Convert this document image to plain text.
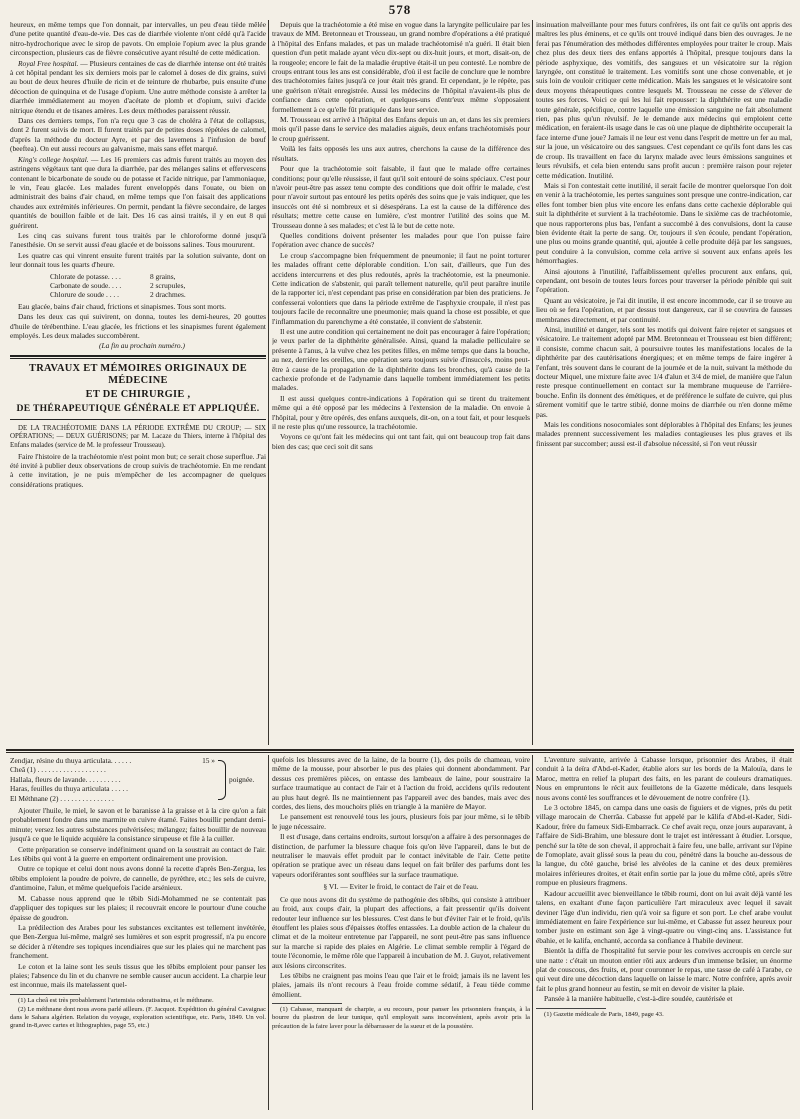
578

heureux, en même temps que l'on donnait, par intervalles, un peu d'eau tiède mêlée d'une petite quantité d'eau-de-vie. Des cas de diarrhée violente n'ont cédé qu'à l'acide nitro-hydrochorique avec le sirop de pavots. On emploie l'opium avec la plus grande circonspection, plusieurs cas de fièvre consécutive ayant résulté de cette médication.

Royal Free hospital. — Plusieurs centaines de cas de diarrhée intense ont été traités à cet hôpital pendant les six derniers mois par le calomel à doses de dix grains, suivi au bout de deux heures d'huile de ricin et de teinture de rhubarbe, puis ensuite d'une décoction de quinquina et de l'usage d'opium. Une autre méthode consiste à arrêter la diarrhée immédiatement au moyen d'acétate de plomb et d'opium, suivi d'acide nitrique étendu et de tisanes amères. Les deux méthodes paraissent réussir.

Dans ces derniers temps, l'on n'a reçu que 3 cas de choléra à l'état de collapsus, dont 2 furent suivis de mort. Il furent traités par de petites doses répétées de calomel, d'après la méthode du docteur Ayre, et par des lavemens à l'infusion de bœuf (beeftea). On eut aussi recours au galvanisme, mais sans effet marqué.

King's college hospital. — Les 16 premiers cas admis furent traités au moyen des astringens végétaux tant que dura la diarrhée, par des mélanges salins et effervescens contenant le bicarbonate de soude ou de potasse et l'acide nitrique, par l'ammoniaque, le vin, l'eau glacée. Les malades furent enveloppés dans l'ouate, ou bien on administrait des bains d'air chaud, en même temps que l'on faisait des applications chaudes aux extrémités inférieures. On permit, pendant la fièvre secondaire, de larges quantités de bouillon faible et de lait. Des 16 cas ainsi traités, il y en eut 8 qui guérirent.

Les cinq cas suivans furent tous traités par le chloroforme donné jusqu'à l'anesthésie. On se servit aussi d'eau glacée et de boissons salines. Tous moururent.

Les quatre cas qui vinrent ensuite furent traités par la solution suivante, dont on leur donnait tous les quarts d'heure.

Chlorate de potasse. . . .	8 grains,
Carbonate de soude. . . .	2 scrupules,
Chlorure de soude . . . .	2 drachmes.

Eau glacée, bains d'air chaud, frictions et sinapismes. Tous sont morts.

Dans les deux cas qui suivirent, on donna, toutes les demi-heures, 20 gouttes d'huile de térébenthine. L'eau glacée, les frictions et les sinapismes furent également employés. Les deux malades succombèrent.

(La fin au prochain numéro.)

TRAVAUX ET MÉMOIRES ORIGINAUX DE MÉDECINE
ET DE CHIRURGIE ,
DE THÉRAPEUTIQUE GÉNÉRALE ET APPLIQUÉE.

DE LA TRACHÉOTOMIE DANS LA PÉRIODE EXTRÊME DU CROUP; — SIX OPÉRATIONS; — DEUX GUÉRISONS; par M. Lacaze du Thiers, interne à l'hôpital des Enfans malades (service de M. le professeur Trousseau).

Faire l'histoire de la trachéotomie n'est point mon but; ce serait chose superflue. J'ai été invité à publier deux observations de croup suivis de trachéotomie. En me rendant à cette invitation, je ne puis m'empêcher de les accompagner de quelques considérations pratiques.

Depuis que la trachéotomie a été mise en vogue dans la laryngite pelliculaire par les travaux de MM. Bretonneau et Trousseau, un grand nombre d'opérations a été pratiqué à l'hôpital des Enfans malades, et pas un malade trachéotomisé n'a guéri. Il était bien question d'un petit malade ayant vécu dix-sept ou dix-huit jours, et mort, disait-on, de la rougeole; encore le fait de la maladie éruptive était-il un peu contesté. Le nombre de croups entrant tous les ans est considérable, d'où il est facile de conclure que le nombre des trachéotomies faites jusqu'à ce jour était très grand. Et cependant, je le répète, pas une guérison n'était enregistrée. Aussi les médecins de l'hôpital n'avaient-ils plus de confiance dans cette opération, et quelques-uns d'entr'eux même s'opposaient formellement à ce qu'elle fût pratiquée dans leur service.

M. Trousseau est arrivé à l'hôpital des Enfans depuis un an, et dans les six premiers mois qu'il passe dans le service des maladies aiguës, deux enfans trachéotomisés pour le croup guérissent.

Voilà les faits opposés les uns aux autres, cherchons la cause de la différence des résultats.

Pour que la trachéotomie soit faisable, il faut que le malade offre certaines conditions; pour qu'elle réussisse, il faut qu'il soit entouré de soins spéciaux. C'est pour n'avoir peut-être pas assez tenu compte des conditions que doit offrir le malade, c'est pour n'avoir surtout pas entouré les petits opérés des soins que je vais indiquer, que les insuccès ont été si nombreux et si désespérans. La est la cause de la différence des résultats; mettre cette cause en lumière, c'est montrer l'utilité des soins que M. Trousseau donne à ses malades; et c'est là le but de cette note.

Quelles conditions doivent présenter les malades pour que l'on puisse faire l'opération avec chance de succès?

Le croup s'accompagne bien fréquemment de pneumonie; il faut ne point torturer les malades offrant cette déplorable condition. L'on sait, d'ailleurs, que l'un des accidens intercurrens et des plus redoutés, après la trachéotomie, est la pneumonie. Cette indication de s'abstenir, qui paraît tellement naturelle, qu'il peut paraître inutile de la rapporter ici, n'est cependant pas prise en considération par bien des praticiens. Je confesserai volontiers que dans la période extrême de l'asphyxie croupale, il n'est pas toujours facile de reconnaître une pneumonie; mais quand la chose est possible, et que l'inflammation du parenchyme a été constatée, il convient de s'abstenir.

Il est une autre condition qui certainement ne doit pas encourager à faire l'opération; je veux parler de la diphthérite généralisée. Ainsi, quand la maladie pelliculaire se présente à l'anus, à la vulve chez les petites filles, en même temps que dans la bouche, au nez, derrière les oreilles, une opération sera toujours suivie d'insuccès, moins peut-être à cause de la propagation de la diphthérite dans les bronches, qu'à cause de la cachexie profonde et de l'adynamie dans laquelle tombent immédiatement les petits malades.

Il est aussi quelques contre-indications à l'opération qui se tirent du traitement même qui a été opposé par les médecins à l'extension de la maladie. On envoie à l'hôpital, pour y être opérés, des enfans auxquels, dit-on, on a tout fait, et pour lesquels il ne reste plus qu'une ressource, la trachéotomie.

Voyons ce qu'ont fait les médecins qui ont tant fait, qui ont beaucoup trop fait dans bien des cas; que ceci soit dit sans

insinuation malveillante pour mes futurs confrères, ils ont fait ce qu'ils ont appris des maîtres les plus éminens, et ce qu'ils ont trouvé indiqué dans bien des ouvrages. Je ne ferai pas l'énumération des méthodes différentes employées pour traiter le croup. Mais chez plus des deux tiers des enfans apportés à l'hôpital, presque toujours dans la période asphyxique, des vomitifs, des sangsues et un vésicatoire sur la région laryngée, ont constitué le traitement. Les vomitifs sont une chose convenable, et je suis loin de vouloir critiquer cette médication. Mais les sangsues et le vésicatoire sont deux moyens thérapeutiques contre lesquels M. Trousseau ne cesse de s'élever de toutes ses forces. Voici ce qui les lui fait repousser: la diphthérite est une maladie toute générale, spécifique, contre laquelle une émission sanguine ne fait absolument rien, pas plus qu'un révulsif. Je le demande aux médecins qui emploient cette médication, en feraient-ils usage dans le cas où une plaque de diphthérite occuperait la face interne d'une joue? Jamais il ne leur est venu dans l'esprit de mettre un fer au mal, sur la joue, un vésicatoire ou des sangsues. C'est cependant ce qu'ils font dans les cas de croup. Ils travaillent en face du larynx malade avec leurs émissions sanguines et leurs révulsifs, et cela bien entendu sans profit aucun : première raison pour rejeter cette médication. Inutilité.

Mais si l'on contestait cette inutilité, il serait facile de montrer quelorsque l'on doit en venir à la trachéotomie, les pertes sanguines sont presque une contre-indication, car elles font tomber bien plus vite encore les enfans dans cette cachexie déplorable qui suit la diphthérite et survient à la trachéotomie. Dans le sixième cas de trachéotomie, que nous rapporterons plus bas, l'enfant a succombé à des convulsions, dont la cause bien évidente était la perte de sang. Or, toujours il s'en écoule, pendant l'opération, une plus ou moins grande quantité, qui, ajoutée à celle produite déjà par les sangsues, peut conduire à la convulsion, comme cela arrive si souvent aux enfans après les hémorrhagies.

Ainsi ajoutons à l'inutilité, l'affaiblissement qu'elles procurent aux enfans, qui, cependant, ont besoin de toutes leurs forces pour traverser la période pénible qui suit l'opération.

Quant au vésicatoire, je l'ai dit inutile, il est encore incommode, car il se trouve au lieu où se fera l'opération, et par dessus tout dangereux, car il se couvrira de fausses membranes directement, et par continuité.

Ainsi, inutilité et danger, tels sont les motifs qui doivent faire rejeter et sangsues et vésicatoire. Le traitement adopté par MM. Bretonneau et Trousseau est bien différent; il consiste, comme chacun sait, à poursuivre toutes les manifestations locales de la diphthérite par des cautérisations énergiques; et en même temps de faire ingérer à l'enfant, très souvent dans le courant de la journée et de la nuit, suivant la méthode du docteur Miquel, une mixture faite avec 1/4 d'alun et 3/4 de miel, de manière que l'alun reste presque continuellement en contact sur la membrane muqueuse de l'arrière-bouche. Enfin ils donnent des émétiques, et de préférence le sulfate de cuivre, qui plus sûrement vomitif que le tartre stibié, donne moins de diarrhée ou n'en donne même pas.

Mais les conditions nosocomiales sont déplorables à l'hôpital des Enfans; les jeunes malades prennent successivement les maladies contagieuses les plus graves et ils finissent par succomber; aussi est-il d'absolue nécessité, si l'on veut réussir

Zendjar, résine du thuya articulata. . . . . .	15 »
Cheâ (1) . . . . . . . . . . . . . . . . . . .
Hallala, fleurs de lavande. . . . . . . . . .
Haras, feuilles du thuya articulata . . . . .
El Méthnane (2) . . . . . . . . . . . . . . .
poignée.

Ajouter l'huile, le miel, le savon et le baranisse à la graisse et à la cire qu'on a fait probablement fondre dans une marmite en cuivre étamé. Faites bouillir pendant demi-minute; versez les autres substances pulvérisées; mélangez; faites bouillir de nouveau jusqu'à ce que le liquide acquière la consistance sirupeuse et file à la cuiller.

Cette préparation se conserve indéfiniment quand on la soustrait au contact de l'air. Les têbibs qui vont à la guerre en emportent ordinairement une provision.

Outre ce topique et celui dont nous avons donné la recette d'après Ben-Zergua, les têbibs emploient la poudre de poivre, de cannelle, de pyrèthre, etc.; les sels de cuivre, d'antimoine, l'alun, et même quelquefois l'acide arsénieux.

M. Cabasse nous apprend que le têbib Sidi-Mohammed ne se contentait pas d'appliquer des topiques sur les plaies; il recouvrait encore le pourtour d'une couche épaisse de goudron.

La prédilection des Arabes pour les substances excitantes est tellement invétérée, que Ben-Zergua lui-même, malgré ses lumières et son esprit progressif, n'a pu encore se décider à n'étendre ses topiques incendiaires que sur les plaies qui ne marchent pas franchement.

Le coton et la laine sont les seuls tissus que les têbibs emploient pour panser les plaies; l'absence du lin et du chanvre ne semble causer aucun accident. La charpie leur est inconnue, mais ils matelassent quel-

(1) La cheâ est très probablement l'artemisia odoratissima, et le méthnane.

(2) Le méthnane dont nous avons parlé ailleurs. (F. Jacquot. Expédition du général Cavaignac dans le Sahara algérien. Relation du voyage, exploration scientifique, etc. Paris, 1849. Un vol. grand in-8,avec cartes et lithographies, page 55, etc.)

quefois les blessures avec de la laine, de la bourre (1), des poils de chameau, voire même de la mousse, pour absorber le pus des plaies qui donnent abondamment. Par dessus ces premières pièces, on entasse des lambeaux de laine, pour soustraire la surface traumatique au contact de l'air et à l'action du froid, accidens qu'ils redoutent au plus haut degré. Ils ne maintiennent pas l'appareil avec des bandes, mais avec des cordes, des liens, des mouchoirs pliés en triangle à la manière de Mayor.

Le pansement est renouvelé tous les jours, plusieurs fois par jour même, si le têbib le juge nécessaire.

Il est d'usage, dans certains endroits, surtout lorsqu'on a affaire à des personnages de distinction, de parfumer la blessure chaque fois qu'on lève l'appareil, dans le but de neutraliser le mauvais effet produit par le contact inévitable de l'air. Cette petite opération se pratique avec un réseau dans lequel on fait brûler des parfums dont les vapeurs odoriférantes sont soufflées sur la surface traumatique.

§ VI. — Eviter le froid, le contact de l'air et de l'eau.

Ce que nous avons dit du système de pathogénie des têbibs, qui consiste à attribuer au froid, aux coups d'air, la plupart des affections, a fait pressentir qu'ils doivent redouter leur influence sur les blessures. C'est dans le but d'éviter l'air et le froid, qu'ils étouffent les plaies sous d'épaisses étoffes entassées. La double action de la chaleur du climat et de la moiteur entretenue par l'appareil, ne sont peut-être pas sans influence sur la marche si rapide des plaies en Algérie. Le climat semble remplir à l'égard de toute l'économie, le même rôle que l'appareil à incubation de M. J. Guyot, relativement aux lésions circonscrites.

Les têbibs ne craignent pas moins l'eau que l'air et le froid; jamais ils ne lavent les plaies, jamais ils n'ont recours à l'eau froide comme sédatif, à l'eau tiède comme émollient.

(1) Cabasse, manquant de charpie, a eu recours, pour panser les prisonniers français, à la bourre du plastron de leur tunique, qu'il employait sans inconvénient, après avoir pris la précaution de la faire laver pour la débarrasser de la sueur et de la poussière.

L'aventure suivante, arrivée à Cabasse lorsque, prisonnier des Arabes, il était conduit à la deïra d'Abd-el-Kader, établie alors sur les bords de la Malouïa, dans le Maroc, mettra en relief la plupart des faits, en les parant de couleurs dramatiques. Nous en empruntons le récit aux feuilletons de la Gazette médicale, dans lesquels nous avons conté les souffrances et le dévouement de notre confrère (1).

Le 3 octobre 1845, on campa dans une oasis de figuiers et de vignes, près du petit village marocain de Cherrâa. Cabasse fut appelé par le kâlifa d'Abd-el-Kader, Sidi-Kadour, frère du fameux Sidi-Embarrack. Ce chef avait reçu, onze jours auparavant, à l'affaire de Sidi-Brahim, une blessure dont le trajet est intéressant à étudier. Lorsque, penché sur la tête de son cheval, il approchait à faire feu, une balle, arrivant sur l'épine de l'omoplate, avait glissé sous la peau du cou, pénétré dans la bouche au-dessous de la langue, du côté gauche, brisé les alvéoles de la canine et des deux premières molaires inférieures droites, et était enfin sortie par la joue du même côté, après s'être rompue en plusieurs fragmens.

Kadour accueillit avec bienveillance le têbib roumi, dont on lui avait déjà vanté les talens, en exaltant d'une façon particulière l'art miraculeux avec lequel il savait deviner l'âge d'un individu, rien qu'à voir sa figure et son port. Le chef arabe voulut immédiatement en faire l'expérience sur lui-même, et Cabasse fut assez heureux pour tomber juste en estimant son âge à vingt-quatre ou vingt-cinq ans. L'assistance fut ébahie, et le kalifa, enchanté, accorda sa confiance à l'habile devineur.

Bientôt la diffa de l'hospitalité fut servie pour les convives accroupis en cercle sur une natte : c'était un mouton entier rôti aux ardeurs d'un immense brâsier, un énorme plat de couscous, des fruits, et, pour couronner le repas, une tasse de café à l'arabe, ce qui veut dire une décoction dans laquelle on laisse le marc. Notre confrère, après avoir fait le plus grand honneur au festin, se mit en devoir de visiter la plaie.

Pansée à la manière habituelle, c'est-à-dire soudée, cautérisée et

(1) Gazette médicale de Paris, 1849, page 43.
